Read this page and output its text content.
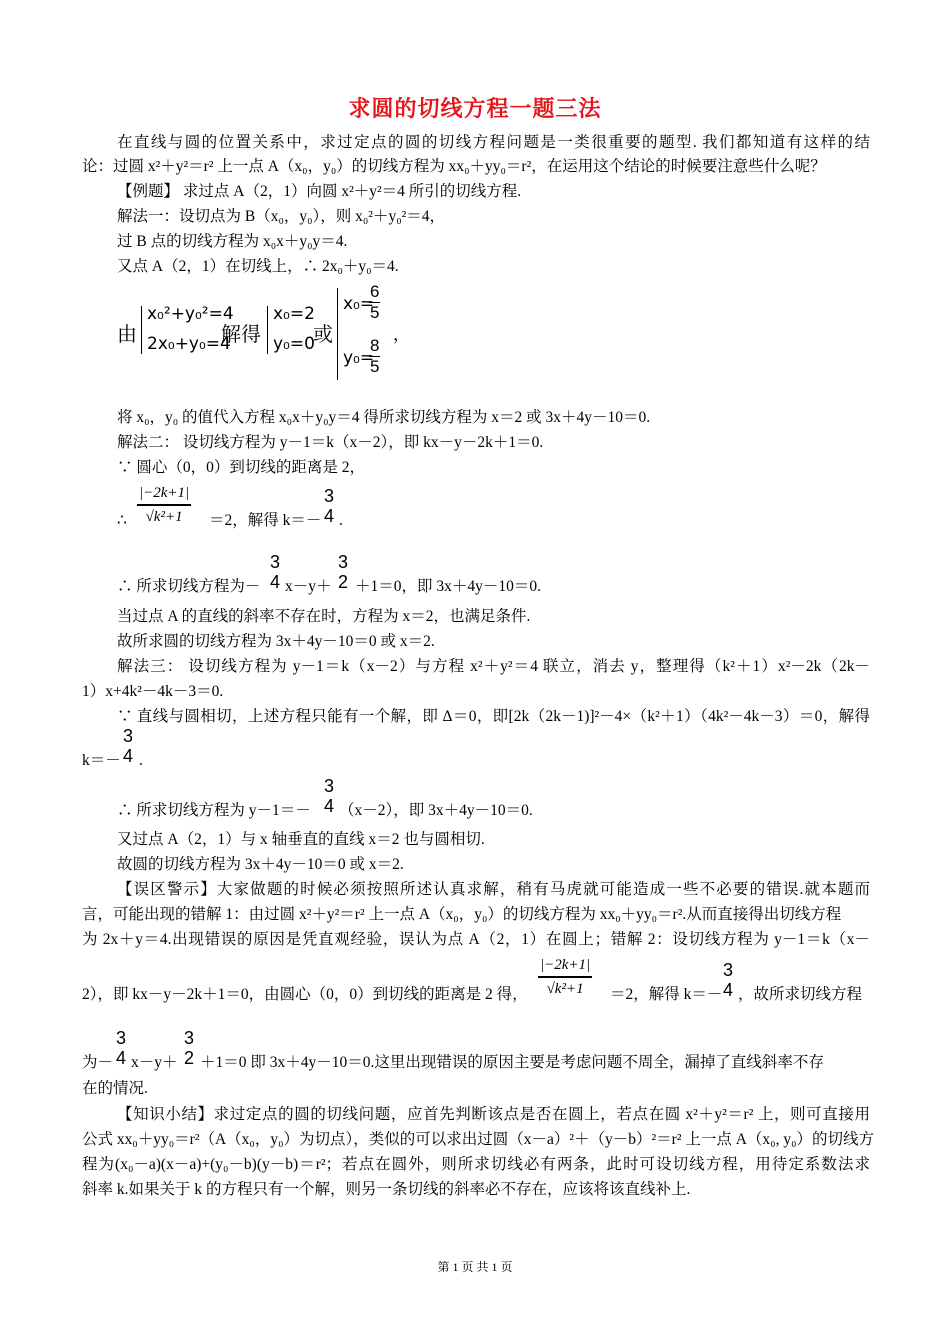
求圆的切线方程一题三法
在直线与圆的位置关系中，求过定点的圆的切线方程问题是一类很重要的题型. 我们都知道有这样的结
论：过圆 x²＋y²＝r² 上一点 A（x₀，y₀）的切线方程为 xx₀＋yy₀＝r²，在运用这个结论的时候要注意些什么呢？
【例题】 求过点 A（2，1）向圆 x²＋y²＝4 所引的切线方程.
解法一：设切点为 B（x₀，y₀），则 x₀²＋y₀²＝4，
过 B 点的切线方程为 x₀x＋y₀y＝4.
又点 A（2，1）在切线上，∴ 2x₀＋y₀＝4.
由
x₀²+y₀²=4
2x₀+y₀=4
解得
x₀=2
y₀=0
或
x₀=
$\frac{6}{5}$
y₀=
$\frac{8}{5}$
，
将 x₀，y₀ 的值代入方程 x₀x＋y₀y＝4 得所求切线方程为 x＝2 或 3x＋4y－10＝0.
解法二： 设切线方程为 y－1＝k（x－2），即 kx－y－2k＋1＝0.
∵ 圆心（0，0）到切线的距离是 2，
∴ $\frac{|-2k+1|}{\text{√k²+1}} =2$，解得 k＝－
3
4 .
∴ 所求切线方程为－
3
4 x－y＋
3
2 ＋1＝0，即 3x＋4y－10＝0.
当过点 A 的直线的斜率不存在时，方程为 x＝2，也满足条件.
故所求圆的切线方程为 3x＋4y－10＝0 或 x＝2.
解法三： 设切线方程为 y－1＝k（x－2）与方程 x²＋y²＝4 联立，消去 y，整理得（k²＋1）x²－2k（2k－
1）x+4k²－4k－3＝0.
∵ 直线与圆相切，上述方程只能有一个解，即 Δ＝0，即[2k（2k－1)]²－4×（k²＋1）（4k²－4k－3）＝0，解得
k＝－
3
4 .
∴ 所求切线方程为 y－1＝－
3
4 （x－2），即 3x＋4y－10＝0.
又过点 A（2，1）与 x 轴垂直的直线 x＝2 也与圆相切.
故圆的切线方程为 3x＋4y－10＝0 或 x＝2.
【误区警示】大家做题的时候必须按照所述认真求解，稍有马虎就可能造成一些不必要的错误.就本题而
言，可能出现的错解 1：由过圆 x²＋y²＝r² 上一点 A（x₀，y₀）的切线方程为 xx₀＋yy₀＝r².从而直接得出切线方程
为 2x＋y＝4.出现错误的原因是凭直观经验，误认为点 A（2，1）在圆上；错解 2：设切线方程为 y－1＝k（x－
2），即 kx－y－2k＋1＝0，由圆心（0，0）到切线的距离是 2 得， $\frac{|-2k+1|}{\text{√k²+1}} =2$，解得 k＝－
3
4 ，故所求切线方程
为－
3
4 x－y＋
3
2 ＋1＝0 即 3x＋4y－10＝0.这里出现错误的原因主要是考虑问题不周全，漏掉了直线斜率不存
在的情况.
【知识小结】求过定点的圆的切线问题，应首先判断该点是否在圆上，若点在圆 x²＋y²＝r² 上，则可直接用
公式 xx₀＋yy₀＝r²（A（x₀，y₀）为切点），类似的可以求出过圆（x－a）²＋（y－b）²＝r² 上一点 A（x₀, y₀）的切线方
程为(x₀－a)(x－a)+(y₀－b)(y－b)＝r²；若点在圆外，则所求切线必有两条，此时可设切线方程，用待定系数法求
斜率 k.如果关于 k 的方程只有一个解，则另一条切线的斜率必不存在，应该将该直线补上.
第 1 页 共 1 页
